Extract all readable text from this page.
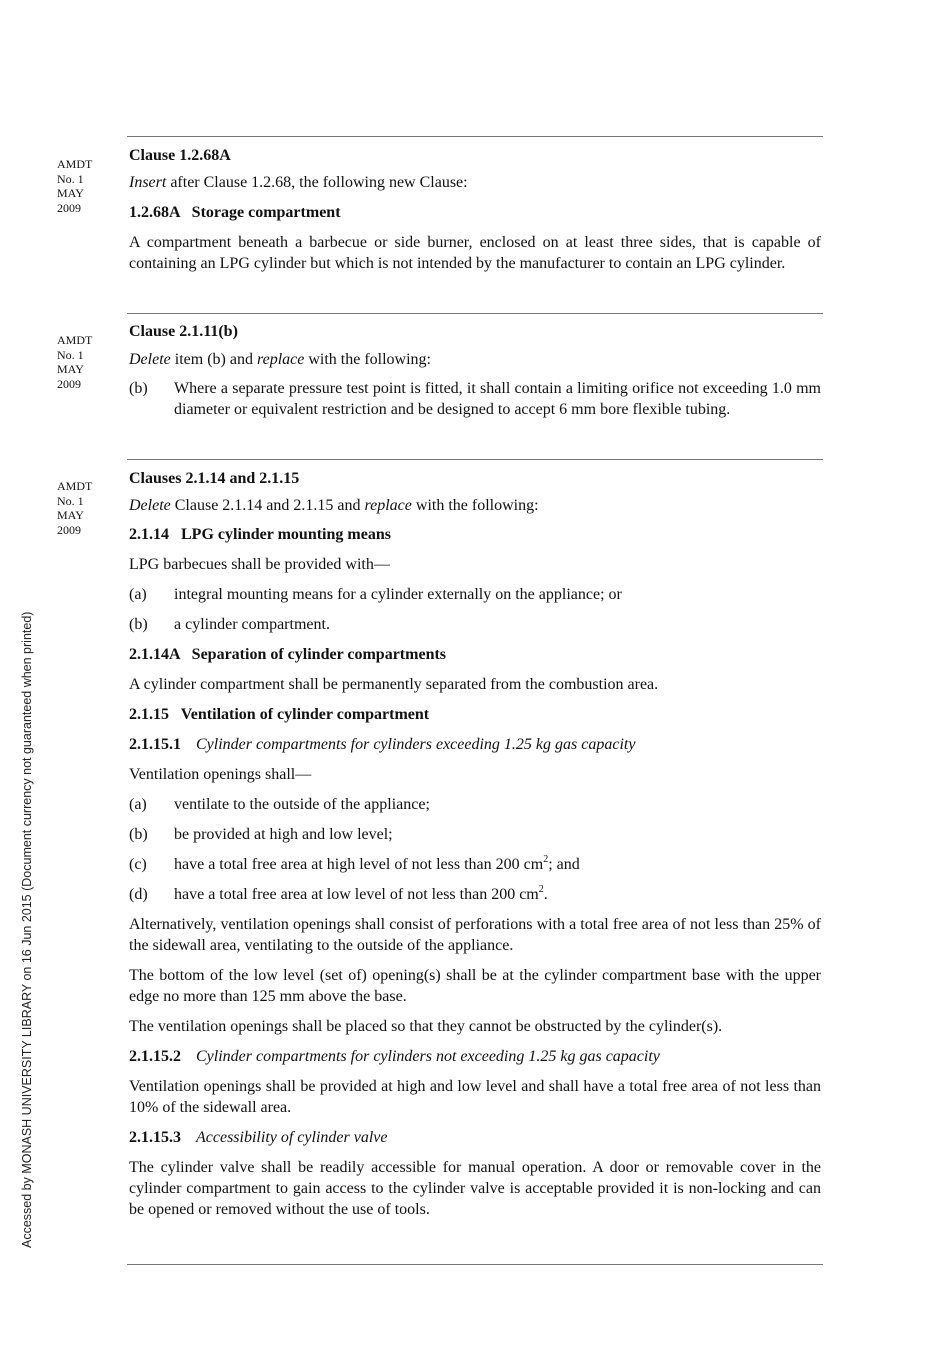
Accessed by MONASH UNIVERSITY LIBRARY on 16 Jun 2015 (Document currency not guaranteed when printed)
AMDT
No. 1
MAY
2009
AMDT
No. 1
MAY
2009
AMDT
No. 1
MAY
2009

Clause 1.2.68A

Insert after Clause 1.2.68, the following new Clause:

1.2.68A   Storage compartment

A compartment beneath a barbecue or side burner, enclosed on at least three sides, that is capable of containing an LPG cylinder but which is not intended by the manufacturer to contain an LPG cylinder.

Clause 2.1.11(b)

Delete item (b) and replace with the following:

(b) Where a separate pressure test point is fitted, it shall contain a limiting orifice not exceeding 1.0 mm diameter or equivalent restriction and be designed to accept 6 mm bore flexible tubing.

Clauses 2.1.14 and 2.1.15

Delete Clause 2.1.14 and 2.1.15 and replace with the following:

2.1.14   LPG cylinder mounting means

LPG barbecues shall be provided with—

(a) integral mounting means for a cylinder externally on the appliance; or
(b) a cylinder compartment.

2.1.14A   Separation of cylinder compartments

A cylinder compartment shall be permanently separated from the combustion area.

2.1.15   Ventilation of cylinder compartment

2.1.15.1 Cylinder compartments for cylinders exceeding 1.25 kg gas capacity

Ventilation openings shall—

(a) ventilate to the outside of the appliance;
(b) be provided at high and low level;
(c) have a total free area at high level of not less than 200 $cm^2$; and
(d) have a total free area at low level of not less than 200 $cm^2$.

Alternatively, ventilation openings shall consist of perforations with a total free area of not less than 25% of the sidewall area, ventilating to the outside of the appliance.

The bottom of the low level (set of) opening(s) shall be at the cylinder compartment base with the upper edge no more than 125 mm above the base.

The ventilation openings shall be placed so that they cannot be obstructed by the cylinder(s).

2.1.15.2 Cylinder compartments for cylinders not exceeding 1.25 kg gas capacity

Ventilation openings shall be provided at high and low level and shall have a total free area of not less than 10% of the sidewall area.

2.1.15.3 Accessibility of cylinder valve

The cylinder valve shall be readily accessible for manual operation. A door or removable cover in the cylinder compartment to gain access to the cylinder valve is acceptable provided it is non-locking and can be opened or removed without the use of tools.
